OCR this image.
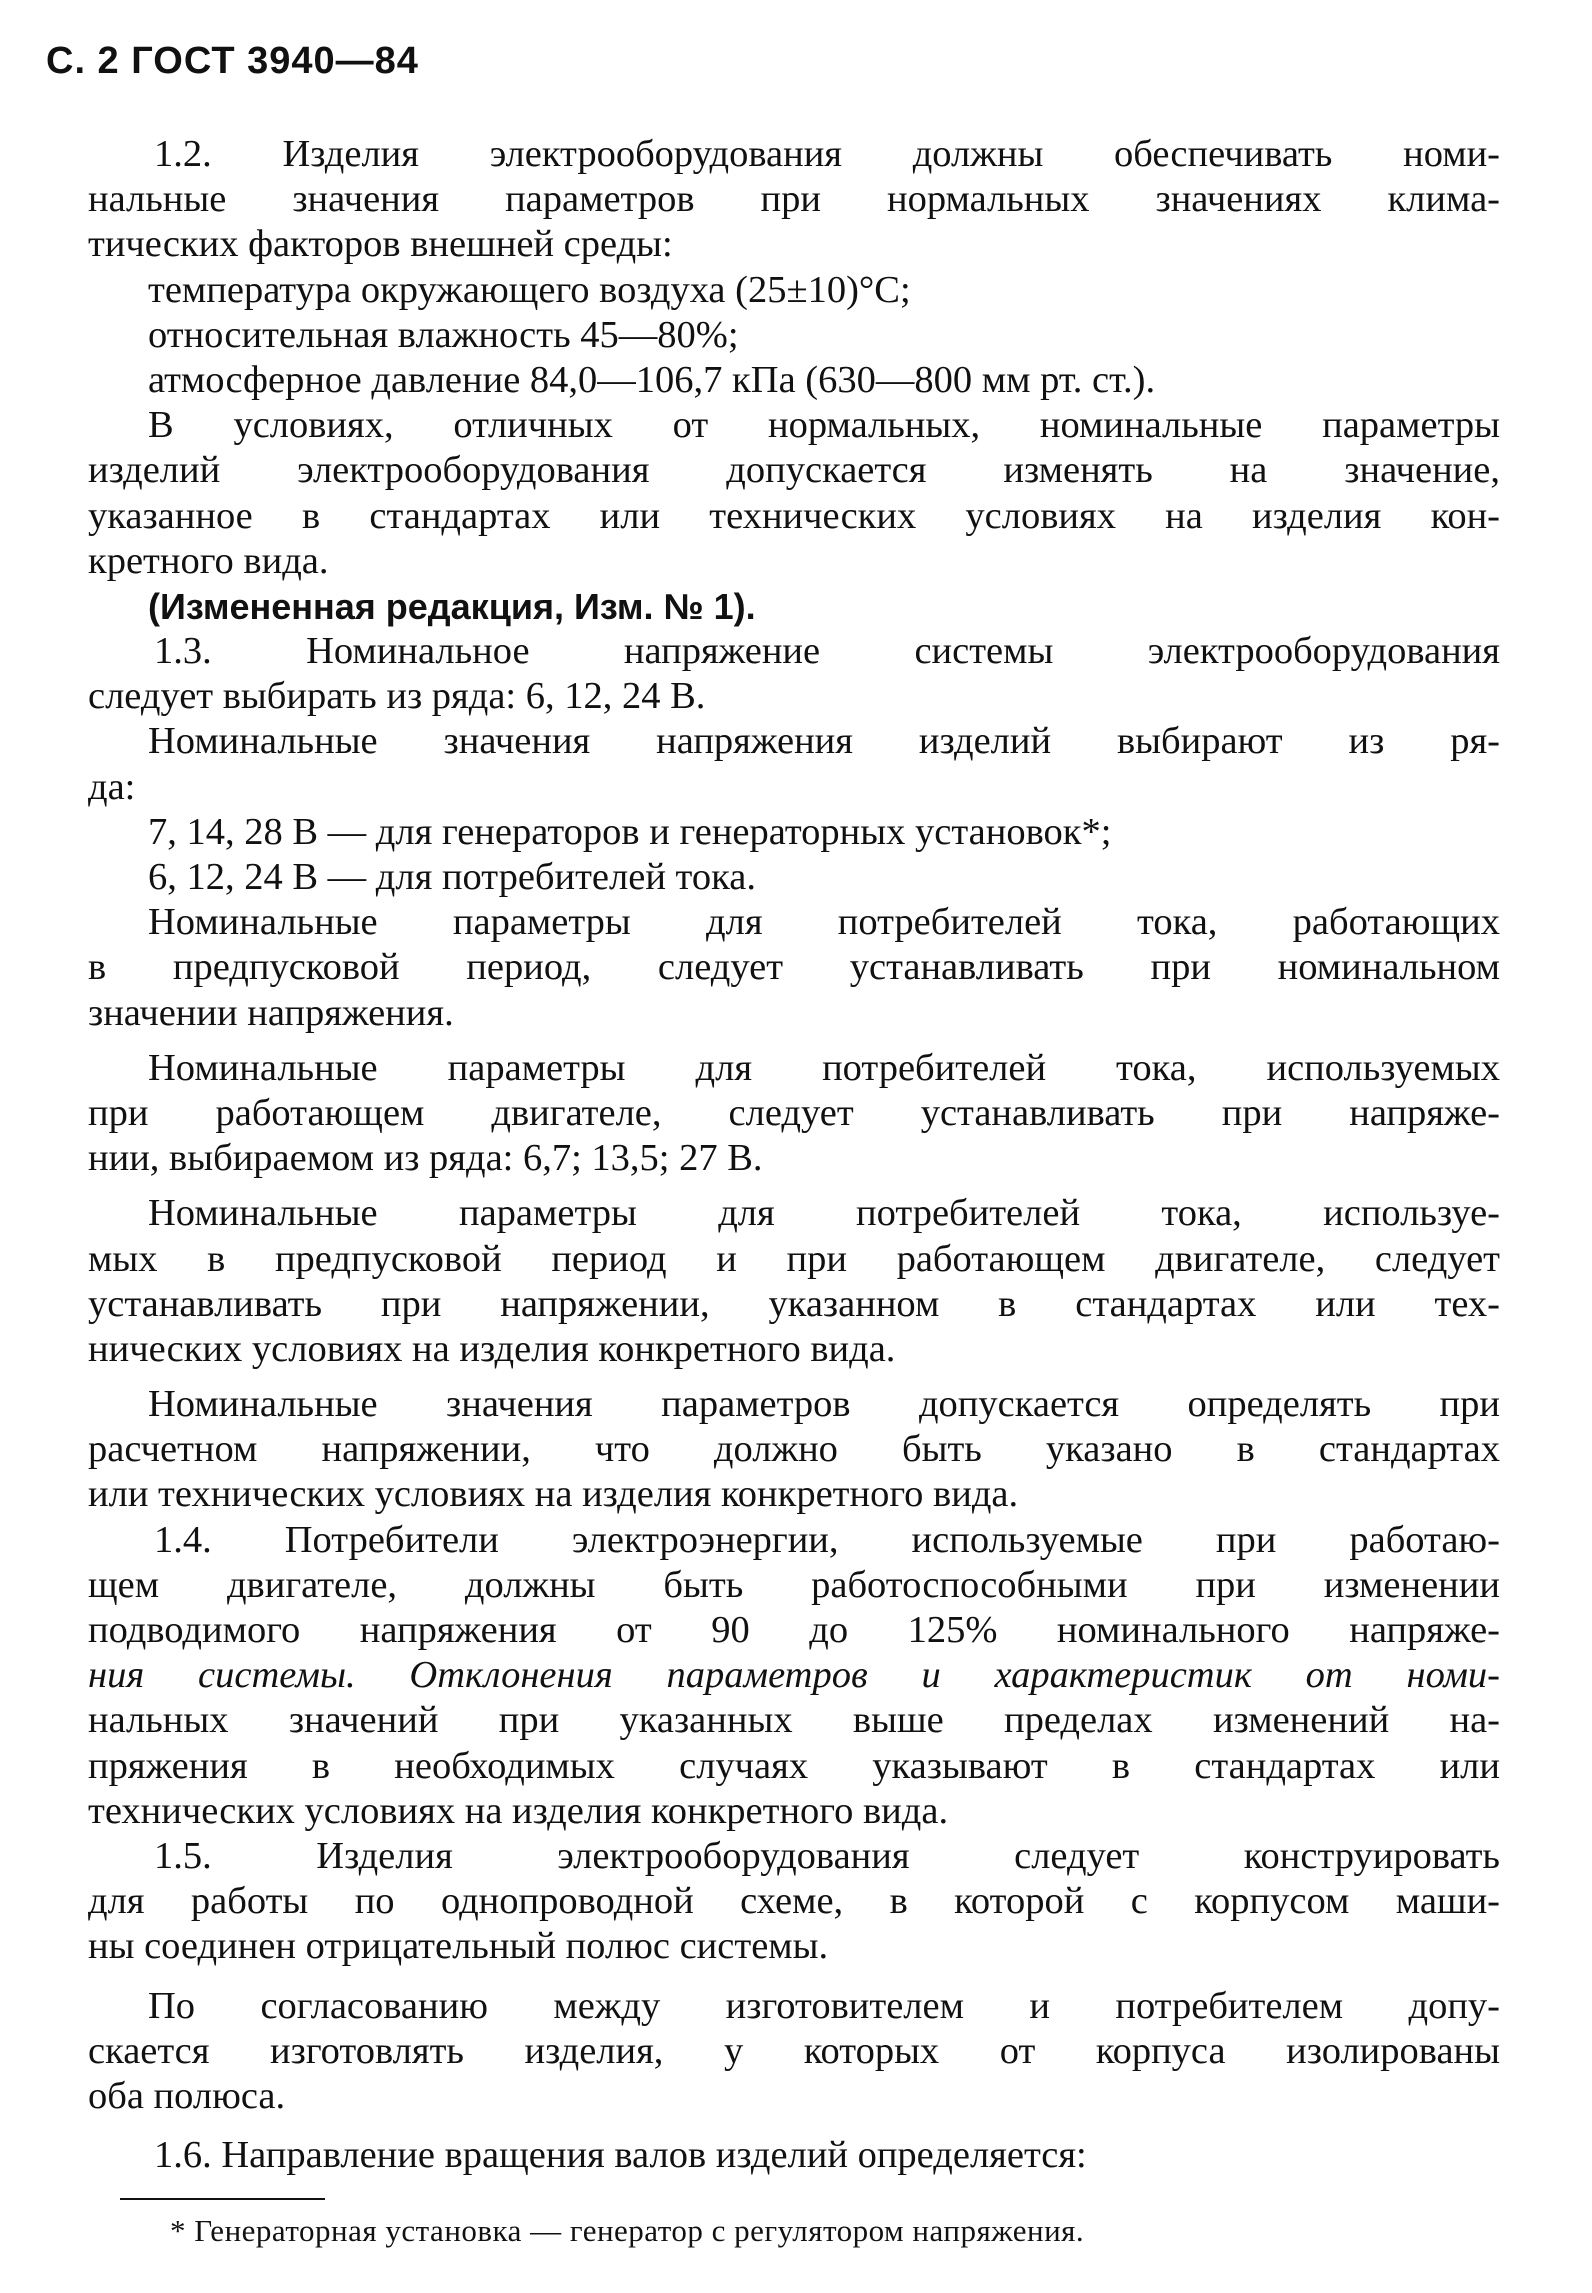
С. 2 ГОСТ 3940—84
1.2. Изделия электрооборудования должны обеспечивать номи-
нальные значения параметров при нормальных значениях клима-
тических факторов внешней среды:
температура окружающего воздуха (25±10)°С;
относительная влажность 45—80%;
атмосферное давление 84,0—106,7 кПа (630—800 мм рт. ст.).
В условиях, отличных от нормальных, номинальные параметры
изделий электрооборудования допускается изменять на значение,
указанное в стандартах или технических условиях на изделия кон-
кретного вида.
(Измененная редакция, Изм. № 1).
1.3. Номинальное напряжение системы электрооборудования
следует выбирать из ряда: 6, 12, 24 В.
Номинальные значения напряжения изделий выбирают из ря-
да:
7, 14, 28 В — для генераторов и генераторных установок*;
6, 12, 24 В — для потребителей тока.
Номинальные параметры для потребителей тока, работающих
в предпусковой период, следует устанавливать при номинальном
значении напряжения.
Номинальные параметры для потребителей тока, используемых
при работающем двигателе, следует устанавливать при напряже-
нии, выбираемом из ряда: 6,7; 13,5; 27 В.
Номинальные параметры для потребителей тока, используе-
мых в предпусковой период и при работающем двигателе, следует
устанавливать при напряжении, указанном в стандартах или тех-
нических условиях на изделия конкретного вида.
Номинальные значения параметров допускается определять при
расчетном напряжении, что должно быть указано в стандартах
или технических условиях на изделия конкретного вида.
1.4. Потребители электроэнергии, используемые при работаю-
щем двигателе, должны быть работоспособными при изменении
подводимого напряжения от 90 до 125% номинального напряже-
ния системы. Отклонения параметров и характеристик от номи-
нальных значений при указанных выше пределах изменений на-
пряжения в необходимых случаях указывают в стандартах или
технических условиях на изделия конкретного вида.
1.5. Изделия электрооборудования следует конструировать
для работы по однопроводной схеме, в которой с корпусом маши-
ны соединен отрицательный полюс системы.
По согласованию между изготовителем и потребителем допу-
скается изготовлять изделия, у которых от корпуса изолированы
оба полюса.
1.6. Направление вращения валов изделий определяется:
* Генераторная установка — генератор с регулятором напряжения.
